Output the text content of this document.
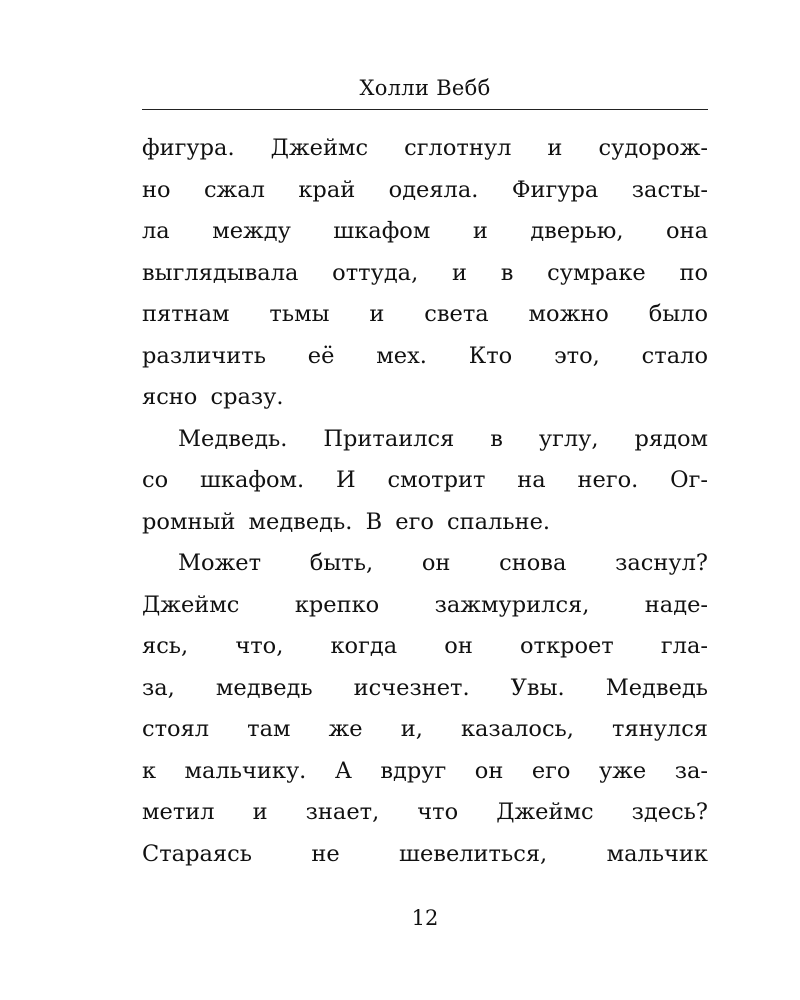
Холли Вебб
фигура. Джеймс сглотнул и судорож-
но сжал край одеяла. Фигура засты-
ла между шкафом и дверью, она
выглядывала оттуда, и в сумраке по
пятнам тьмы и света можно было
различить её мех. Кто это, стало
ясно сразу.
Медведь. Притаился в углу, рядом
со шкафом. И смотрит на него. Ог-
ромный медведь. В его спальне.
Может быть, он снова заснул?
Джеймс крепко зажмурился, наде-
ясь, что, когда он откроет гла-
за, медведь исчезнет. Увы. Медведь
стоял там же и, казалось, тянулся
к мальчику. А вдруг он его уже за-
метил и знает, что Джеймс здесь?
Стараясь не шевелиться, мальчик
12
